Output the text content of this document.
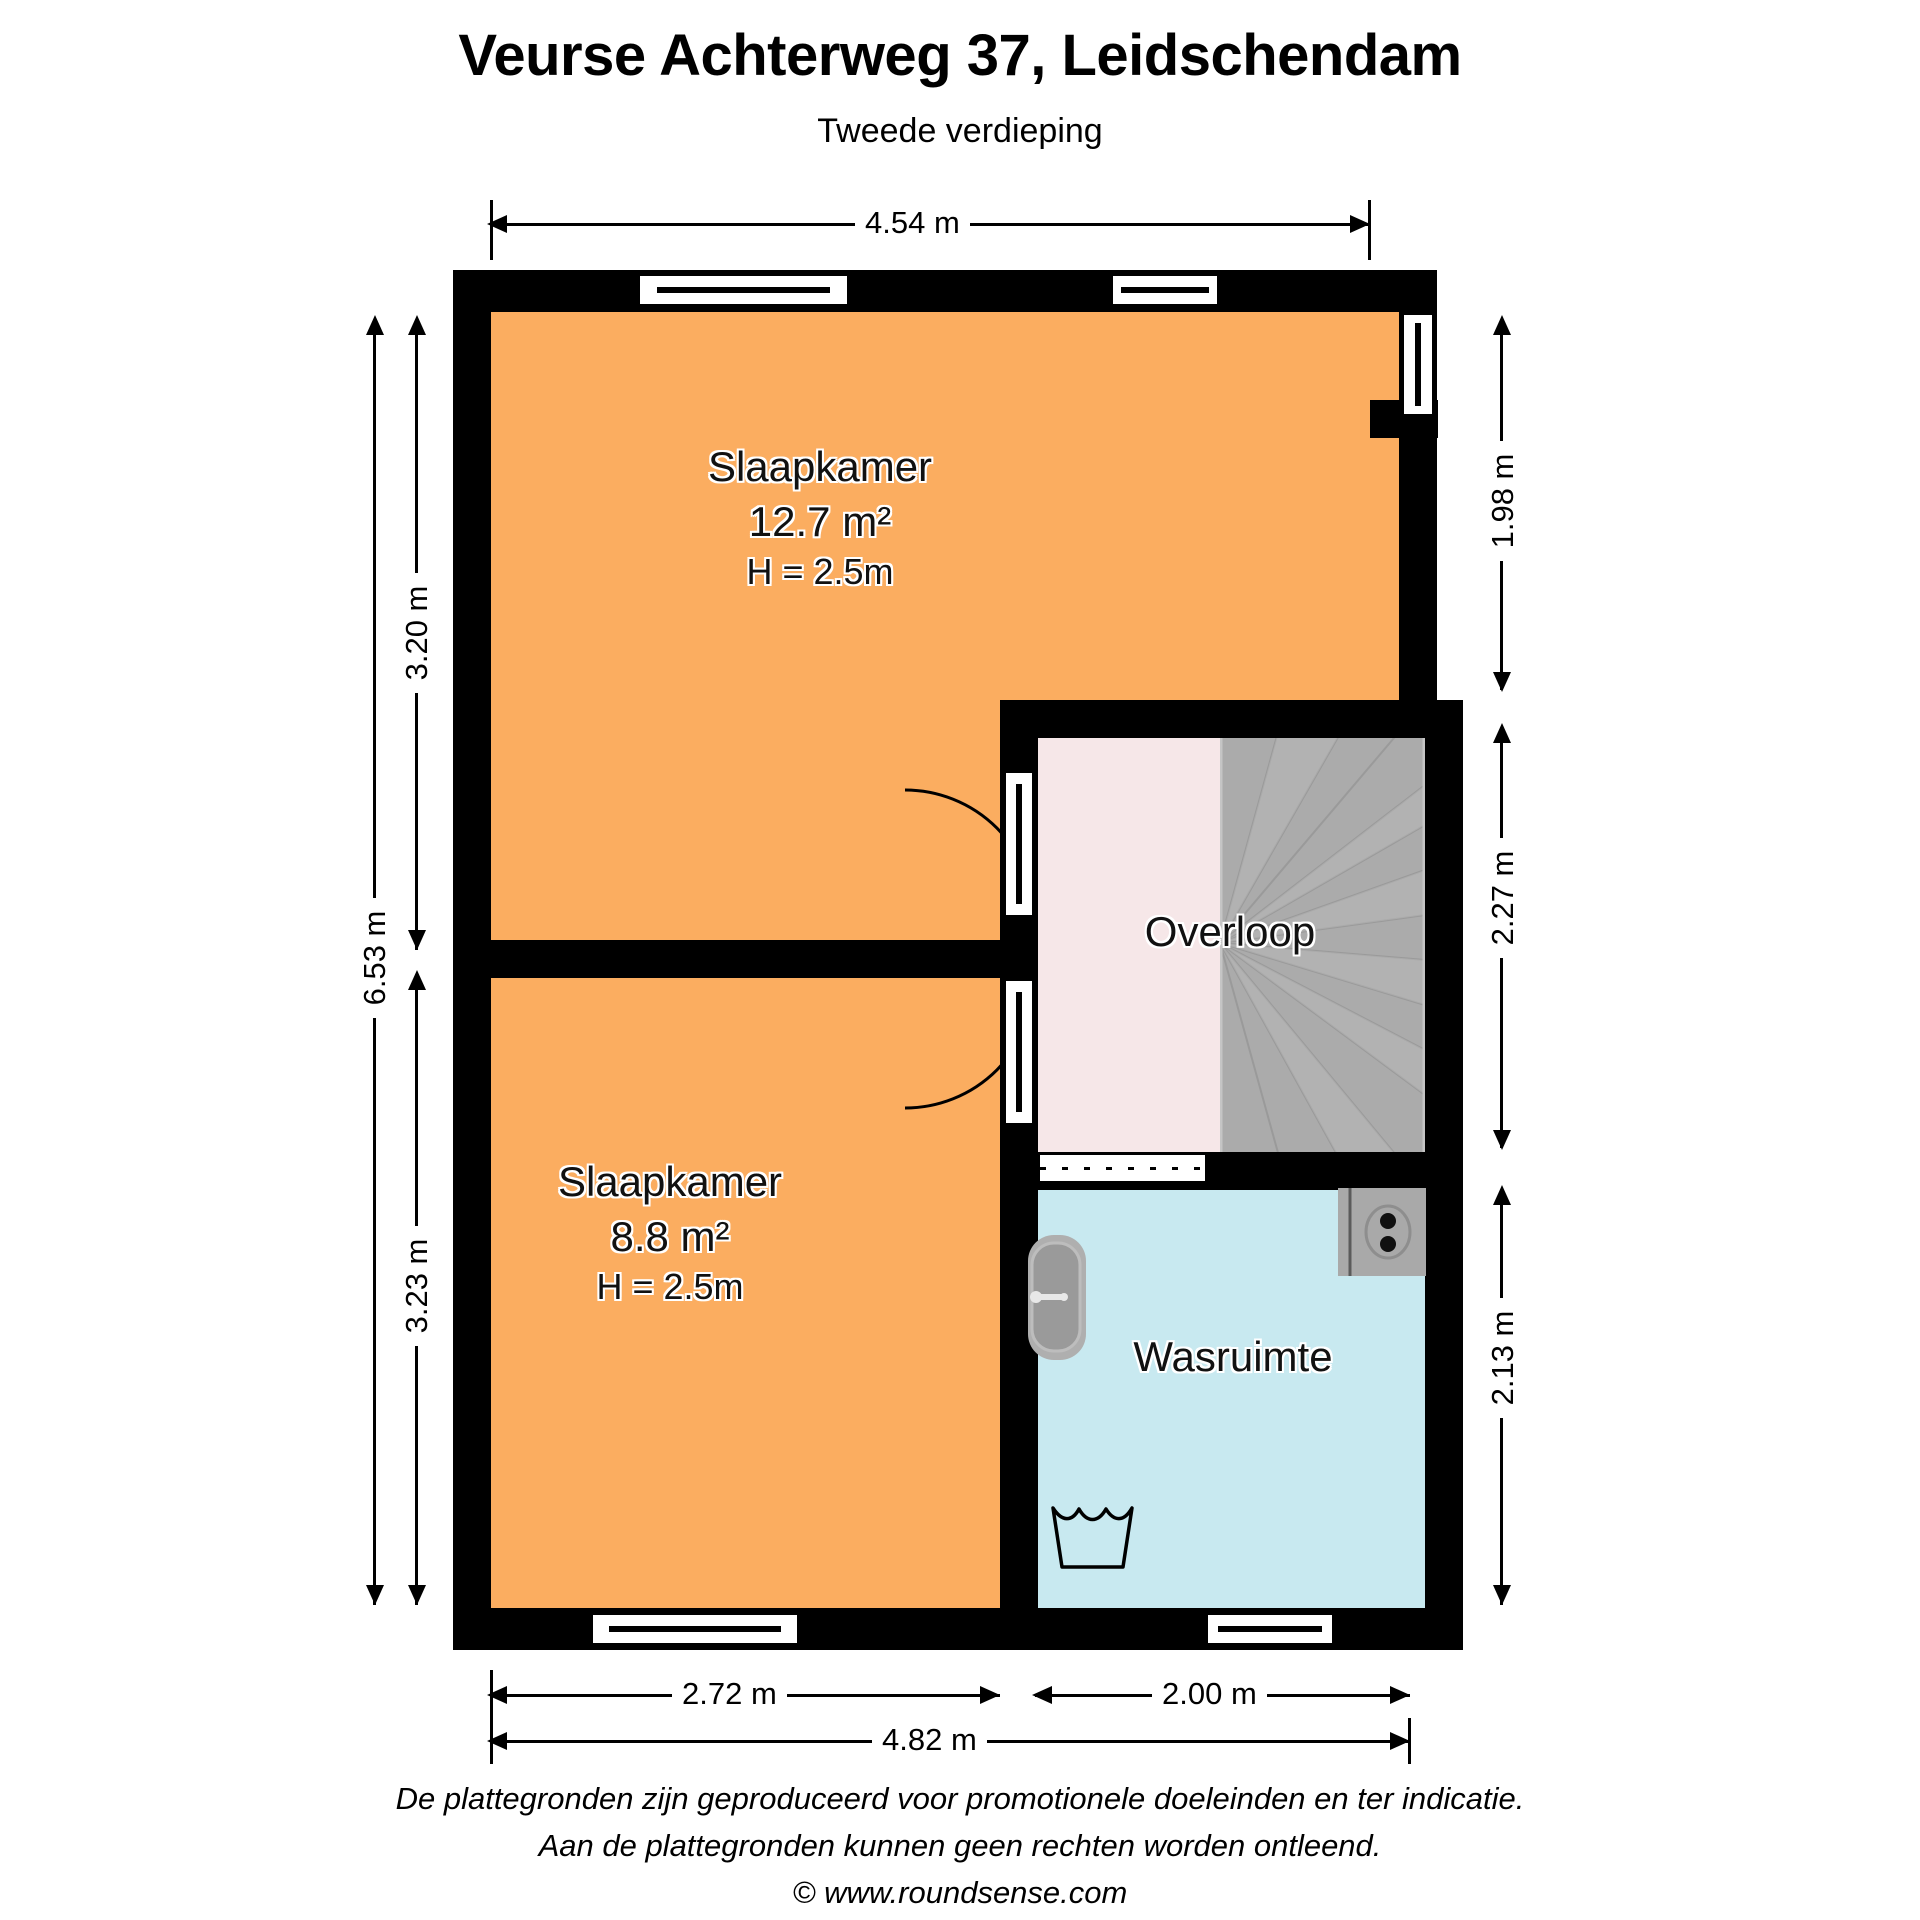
Veurse Achterweg 37, Leidschendam
Tweede verdieping
Slaapkamer
12.7 m²
H = 2.5m
Slaapkamer
8.8 m²
H = 2.5m
Overloop
Wasruimte
4.54 m
3.20 m
3.23 m
6.53 m
1.98 m
2.27 m
2.13 m
2.72 m	2.00 m
4.82 m
De plattegronden zijn geproduceerd voor promotionele doeleinden en ter indicatie.
Aan de plattegronden kunnen geen rechten worden ontleend.
© www.roundsense.com
